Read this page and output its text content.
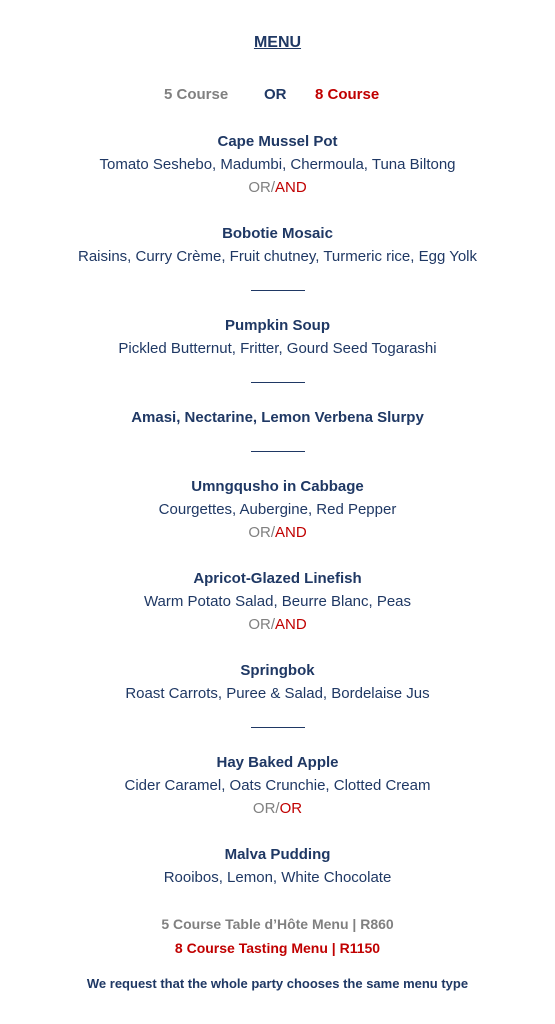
MENU
5 Course OR 8 Course
Cape Mussel Pot
Tomato Seshebo, Madumbi, Chermoula, Tuna Biltong
OR/AND
Bobotie Mosaic
Raisins, Curry Crème, Fruit chutney, Turmeric rice, Egg Yolk
Pumpkin Soup
Pickled Butternut, Fritter, Gourd Seed Togarashi
Amasi, Nectarine, Lemon Verbena Slurpy
Umngqusho in Cabbage
Courgettes, Aubergine, Red Pepper
OR/AND
Apricot-Glazed Linefish
Warm Potato Salad, Beurre Blanc, Peas
OR/AND
Springbok
Roast Carrots, Puree & Salad, Bordelaise Jus
Hay Baked Apple
Cider Caramel, Oats Crunchie, Clotted Cream
OR/OR
Malva Pudding
Rooibos, Lemon, White Chocolate
5 Course Table d’Hôte Menu | R860
8 Course Tasting Menu | R1150
We request that the whole party chooses the same menu type
